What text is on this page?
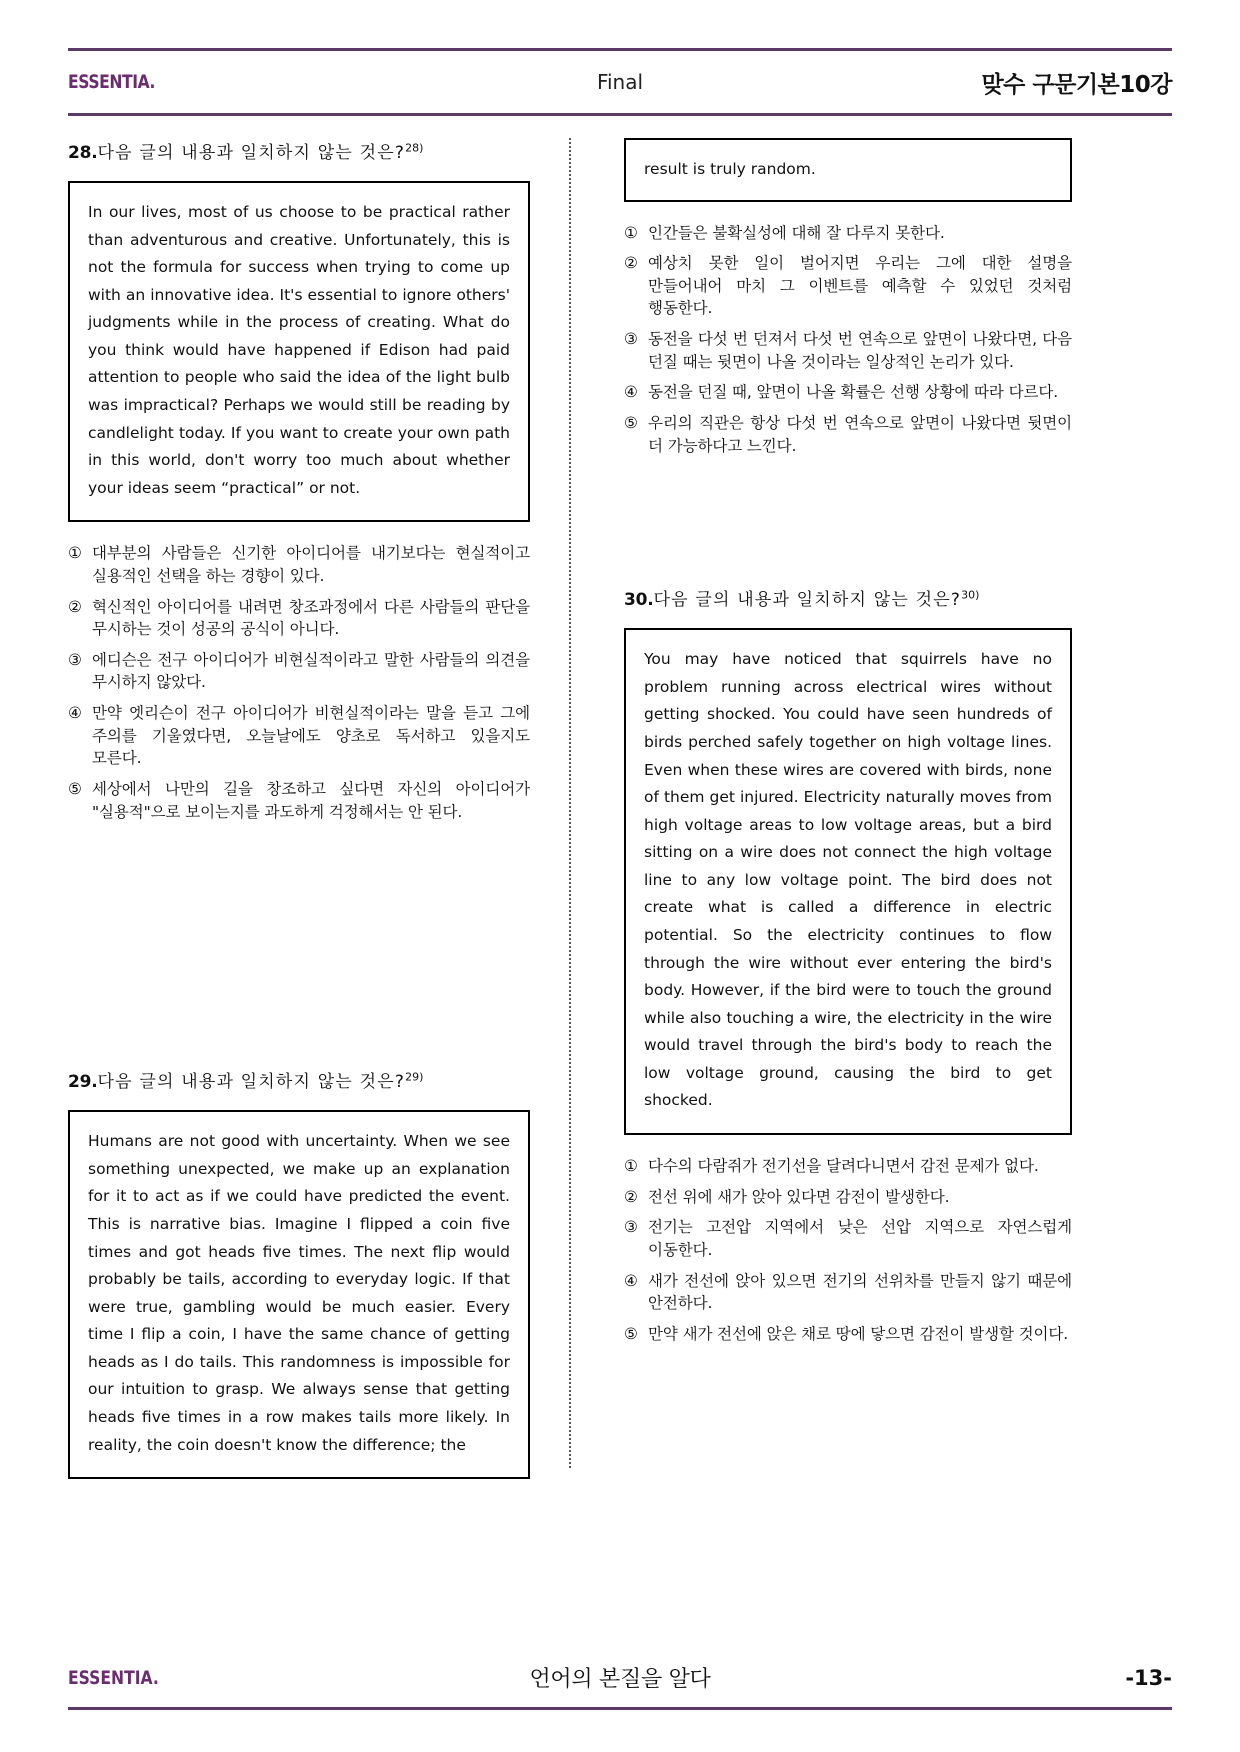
ESSENTIA.	Final	맞수 구문기본10강
28.다음 글의 내용과 일치하지 않는 것은?$^{28)}$
In our lives, most of us choose to be practical rather than adventurous and creative. Unfortunately, this is not the formula for success when trying to come up with an innovative idea. It's essential to ignore others' judgments while in the process of creating. What do you think would have happened if Edison had paid attention to people who said the idea of the light bulb was impractical? Perhaps we would still be reading by candlelight today. If you want to create your own path in this world, don't worry too much about whether your ideas seem “practical” or not.
① 대부분의 사람들은 신기한 아이디어를 내기보다는 현실적이고 실용적인 선택을 하는 경향이 있다.
② 혁신적인 아이디어를 내려면 창조과정에서 다른 사람들의 판단을 무시하는 것이 성공의 공식이 아니다.
③ 에디슨은 전구 아이디어가 비현실적이라고 말한 사람들의 의견을 무시하지 않았다.
④ 만약 엣리슨이 전구 아이디어가 비현실적이라는 말을 듣고 그에 주의를 기울였다면, 오늘날에도 양초로 독서하고 있을지도 모른다.
⑤ 세상에서 나만의 길을 창조하고 싶다면 자신의 아이디어가 "실용적"으로 보이는지를 과도하게 걱정해서는 안 된다.
29.다음 글의 내용과 일치하지 않는 것은?$^{29)}$
Humans are not good with uncertainty. When we see something unexpected, we make up an explanation for it to act as if we could have predicted the event. This is narrative bias. Imagine I flipped a coin five times and got heads five times. The next flip would probably be tails, according to everyday logic. If that were true, gambling would be much easier. Every time I flip a coin, I have the same chance of getting heads as I do tails. This randomness is impossible for our intuition to grasp. We always sense that getting heads five times in a row makes tails more likely. In reality, the coin doesn't know the difference; the
result is truly random.
① 인간들은 불확실성에 대해 잘 다루지 못한다.
② 예상치 못한 일이 벌어지면 우리는 그에 대한 설명을 만들어내어 마치 그 이벤트를 예측할 수 있었던 것처럼 행동한다.
③ 동전을 다섯 번 던져서 다섯 번 연속으로 앞면이 나왔다면, 다음 던질 때는 뒷면이 나올 것이라는 일상적인 논리가 있다.
④ 동전을 던질 때, 앞면이 나올 확률은 선행 상황에 따라 다르다.
⑤ 우리의 직관은 항상 다섯 번 연속으로 앞면이 나왔다면 뒷면이 더 가능하다고 느낀다.
30.다음 글의 내용과 일치하지 않는 것은?$^{30)}$
You may have noticed that squirrels have no problem running across electrical wires without getting shocked. You could have seen hundreds of birds perched safely together on high voltage lines. Even when these wires are covered with birds, none of them get injured. Electricity naturally moves from high voltage areas to low voltage areas, but a bird sitting on a wire does not connect the high voltage line to any low voltage point. The bird does not create what is called a difference in electric potential. So the electricity continues to flow through the wire without ever entering the bird's body. However, if the bird were to touch the ground while also touching a wire, the electricity in the wire would travel through the bird's body to reach the low voltage ground, causing the bird to get shocked.
① 다수의 다람쥐가 전기선을 달려다니면서 감전 문제가 없다.
② 전선 위에 새가 앉아 있다면 감전이 발생한다.
③ 전기는 고전압 지역에서 낮은 선압 지역으로 자연스럽게 이동한다.
④ 새가 전선에 앉아 있으면 전기의 선위차를 만들지 않기 때문에 안전하다.
⑤ 만약 새가 전선에 앉은 채로 땅에 닿으면 감전이 발생할 것이다.
ESSENTIA.	언어의 본질을 알다	-13-
